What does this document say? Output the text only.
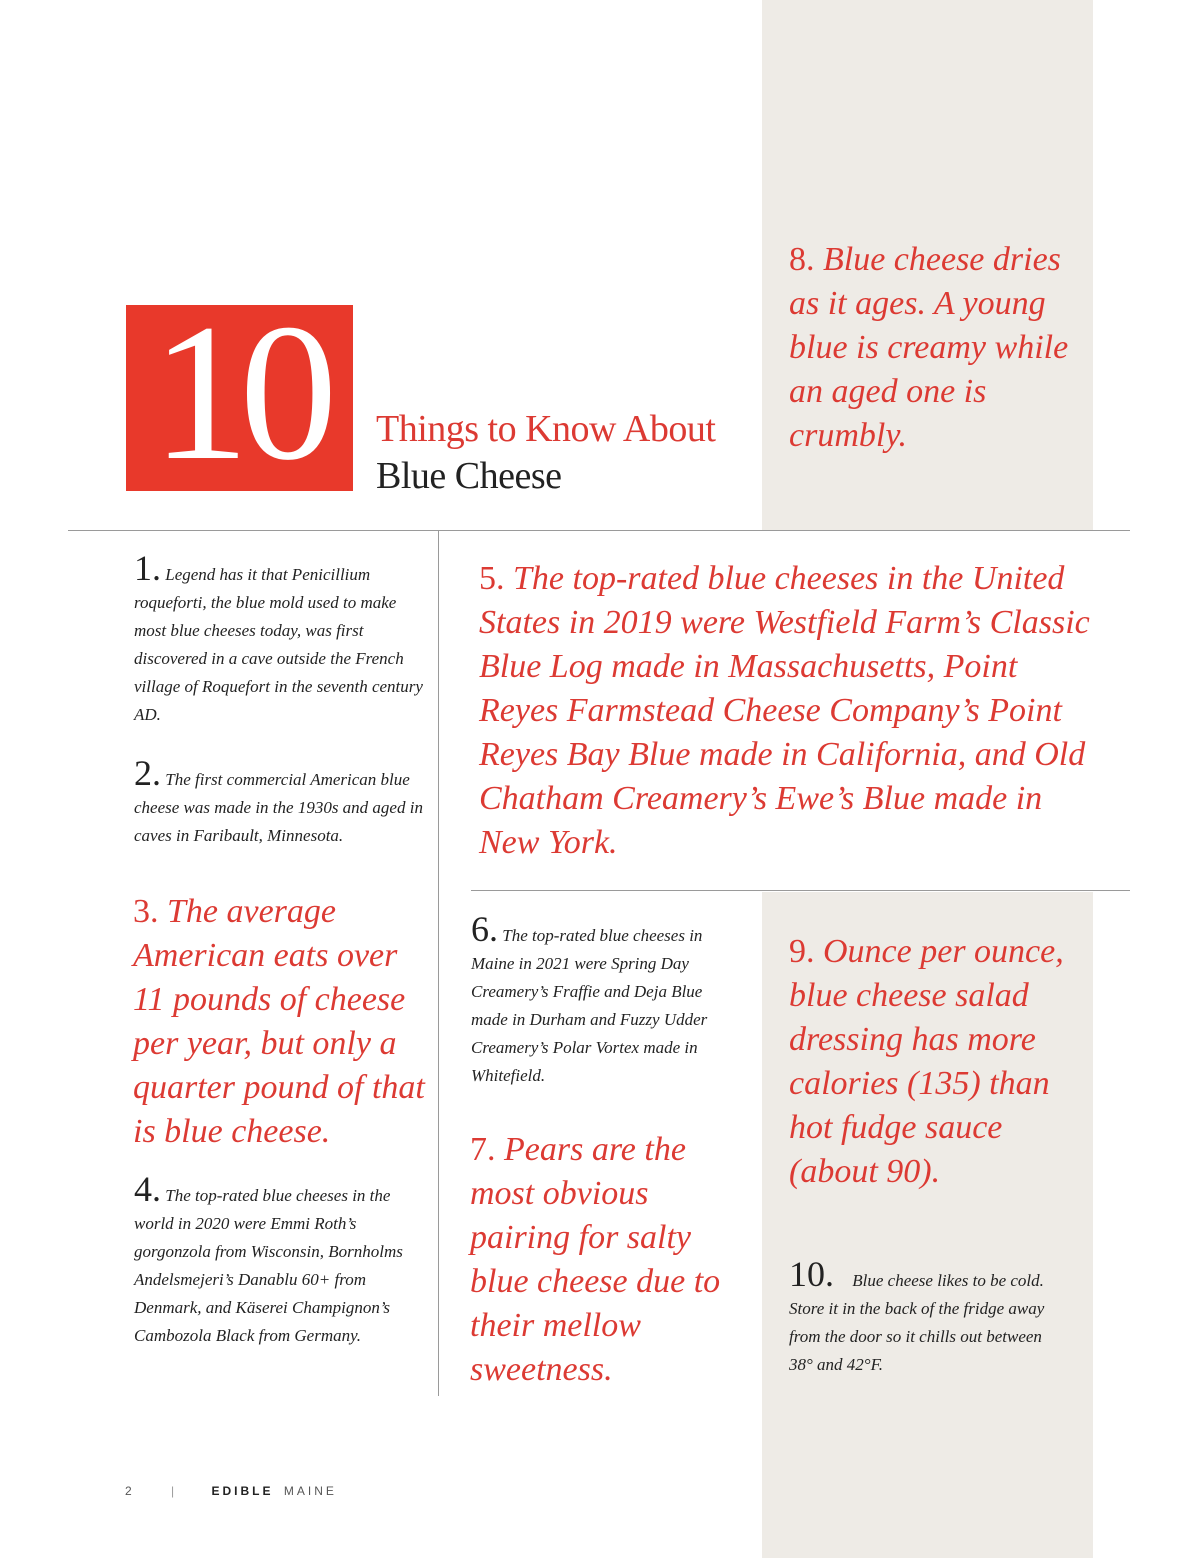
10	Things to Know About
Blue Cheese
8. Blue cheese dries as it ages. A young blue is creamy while an aged one is crumbly.
1. Legend has it that Penicillium roqueforti, the blue mold used to make most blue cheeses today, was first discovered in a cave outside the French village of Roquefort in the seventh century AD.
2. The first commercial American blue cheese was made in the 1930s and aged in caves in Faribault, Minnesota.
3. The average American eats over 11 pounds of cheese per year, but only a quarter pound of that is blue cheese.
4. The top-rated blue cheeses in the world in 2020 were Emmi Roth’s gorgonzola from Wisconsin, Bornholms Andelsmejeri’s Danablu 60+ from Denmark, and Käserei Champignon’s Cambozola Black from Germany.
5. The top-rated blue cheeses in the United States in 2019 were Westfield Farm’s Classic Blue Log made in Massachusetts, Point Reyes Farmstead Cheese Company’s Point Reyes Bay Blue made in California, and Old Chatham Creamery’s Ewe’s Blue made in New York.
6. The top-rated blue cheeses in Maine in 2021 were Spring Day Creamery’s Fraffie and Deja Blue made in Durham and Fuzzy Udder Creamery’s Polar Vortex made in Whitefield.
7. Pears are the most obvious pairing for salty blue cheese due to their mellow sweetness.
9. Ounce per ounce, blue cheese salad dressing has more calories (135) than hot fudge sauce (about 90).
10. Blue cheese likes to be cold. Store it in the back of the fridge away from the door so it chills out between 38° and 42°F.
2	|	EDIBLE MAINE
